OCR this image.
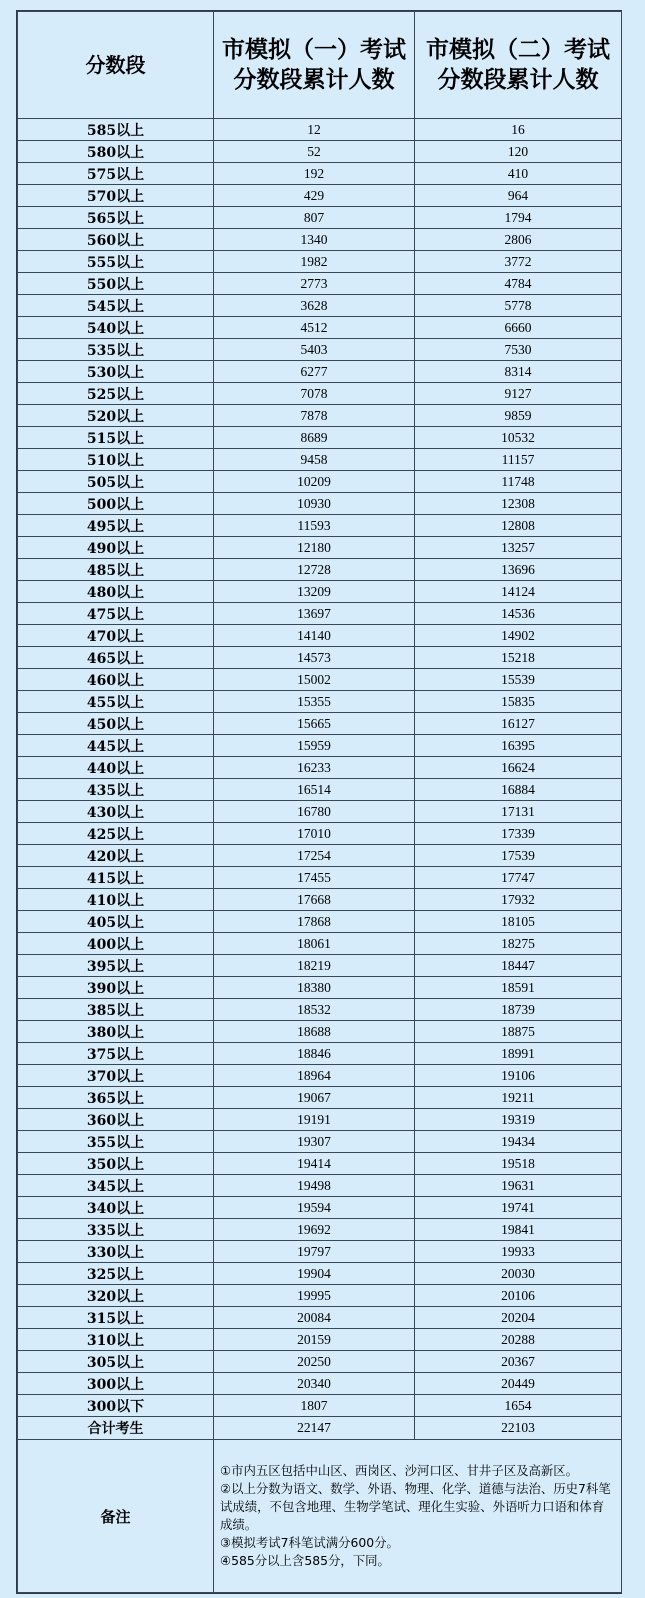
分数段	市模拟（一）考试分数段累计人数	市模拟（二）考试分数段累计人数
585以上	12	16
580以上	52	120
575以上	192	410
570以上	429	964
565以上	807	1794
560以上	1340	2806
555以上	1982	3772
550以上	2773	4784
545以上	3628	5778
540以上	4512	6660
535以上	5403	7530
530以上	6277	8314
525以上	7078	9127
520以上	7878	9859
515以上	8689	10532
510以上	9458	11157
505以上	10209	11748
500以上	10930	12308
495以上	11593	12808
490以上	12180	13257
485以上	12728	13696
480以上	13209	14124
475以上	13697	14536
470以上	14140	14902
465以上	14573	15218
460以上	15002	15539
455以上	15355	15835
450以上	15665	16127
445以上	15959	16395
440以上	16233	16624
435以上	16514	16884
430以上	16780	17131
425以上	17010	17339
420以上	17254	17539
415以上	17455	17747
410以上	17668	17932
405以上	17868	18105
400以上	18061	18275
395以上	18219	18447
390以上	18380	18591
385以上	18532	18739
380以上	18688	18875
375以上	18846	18991
370以上	18964	19106
365以上	19067	19211
360以上	19191	19319
355以上	19307	19434
350以上	19414	19518
345以上	19498	19631
340以上	19594	19741
335以上	19692	19841
330以上	19797	19933
325以上	19904	20030
320以上	19995	20106
315以上	20084	20204
310以上	20159	20288
305以上	20250	20367
300以上	20340	20449
300以下	1807	1654
合计考生	22147	22103
备注	①市内五区包括中山区、西岗区、沙河口区、甘井子区及高新区。
②以上分数为语文、数学、外语、物理、化学、道德与法治、历史7科笔试成绩，不包含地理、生物学笔试、理化生实验、外语听力口语和体育成绩。
③模拟考试7科笔试满分600分。
④585分以上含585分，下同。	
